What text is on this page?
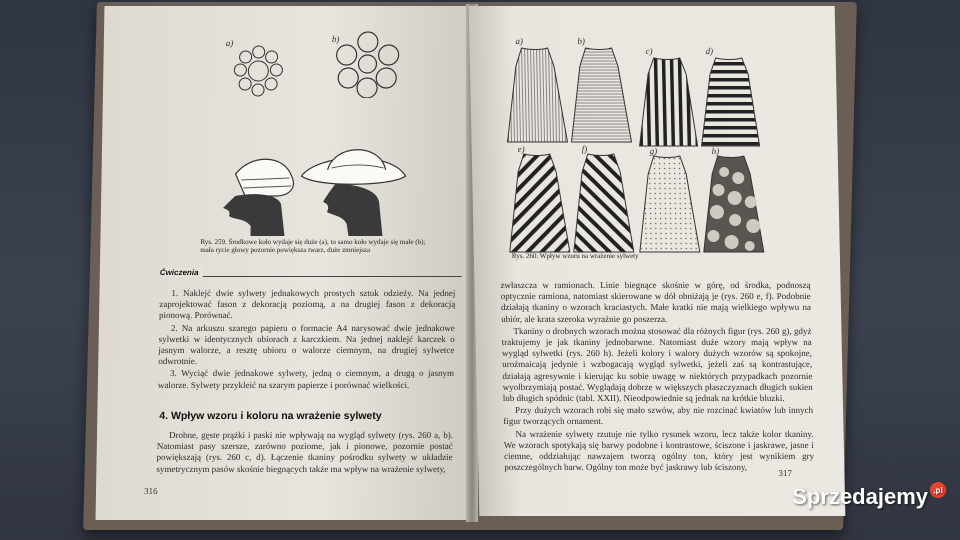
a)	b)
Rys. 259. Środkowe koło wydaje się duże (a), to samo koło wydaje się małe (b); mała rycie głowy pozornie powiększa twarz, duże zmniejsza
Ćwiczenia

1. Naklejć dwie sylwety jednakowych prostych sztuk odzieży. Na jednej zaprojektować fason z dekoracją poziomą, a na drugiej fason z dekoracją pionową. Porównać.

2. Na arkuszu szarego papieru o formacie A4 narysować dwie jednakowe sylwetki w identycznych ubiorach z karczkiem. Na jednej naklejć karczek o jasnym walorze, a resztę ubioru o walorze ciemnym, na drugiej sylwetce odwrotnie.

3. Wyciąć dwie jednakowe sylwety, jedną o ciemnym, a drugą o jasnym walorze. Sylwety przykleić na szarym papierze i porównać wielkości.

4. Wpływ wzoru i koloru na wrażenie sylwety

Drobne, gęste prążki i paski nie wpływają na wygląd sylwety (rys. 260 a, b). Natomiast pasy szersze, zarówno poziome, jak i pionowe, pozornie postać powiększają (rys. 260 c, d). Łączenie tkaniny pośrodku sylwety w układzie symetrycznym pasów skośnie biegnących także ma wpływ na wrażenie sylwety,

316
a)	b)
c)	d)
e)	f)	g)	h)
Rys. 260. Wpływ wzoru na wrażenie sylwety

zwłaszcza w ramionach. Linie biegnące skośnie w górę, od środka, podnoszą optycznie ramiona, natomiast skierowane w dół obniżają je (rys. 260 e, f). Podobnie działają tkaniny o wzorach kraciastych. Małe kratki nie mają wielkiego wpływu na ubiór, ale krata szeroka wyraźnie go poszerza.

Tkaniny o drobnych wzorach można stosować dla różnych figur (rys. 260 g), gdyż traktujemy je jak tkaniny jednobarwne. Natomiast duże wzory mają wpływ na wygląd sylwetki (rys. 260 h). Jeżeli kolory i walory dużych wzorów są spokojne, uroźmaicają jedynie i wzbogacają wygląd sylwetki, jeżeli zaś są kontrastujące, działają agresywnie i kierując ku sobie uwagę w niektórych przypadkach pozornie wyolbrzymiają postać. Wyglądają dobrze w większych płaszczyznach długich sukien lub długich spódnic (tabl. XXII). Nieodpowiednie są jednak na krótkie bluzki.

Przy dużych wzorach robi się mało szwów, aby nie rozcinać kwiatów lub innych figur tworzących ornament.

Na wrażenie sylwety rzutuje nie tylko rysunek wzoru, lecz także kolor tkaniny. We wzorach spotykają się barwy podobne i kontrastowe, ściszone i jaskrawe, jasne i ciemne, oddziałując nawzajem tworzą ogólny ton, który jest wynikiem gry poszczególnych barw. Ogólny ton może być jaskrawy lub ściszony,

317
Sprzedajemy .pl
